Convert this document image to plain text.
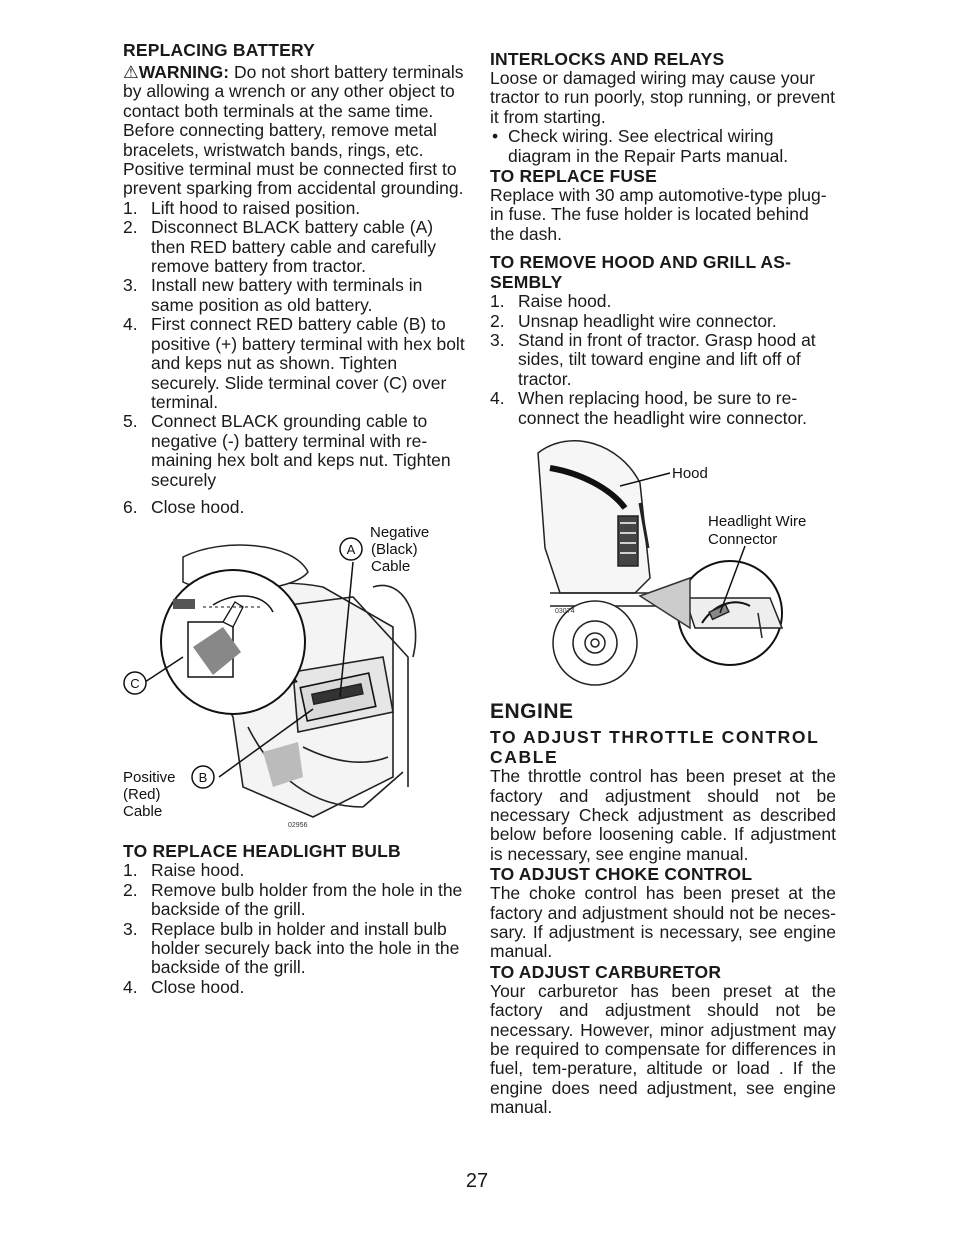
REPLACING BATTERY

⚠WARNING: Do not short battery terminals by allowing a wrench or any other object to contact both terminals at the same time. Before connecting battery, remove metal bracelets, wristwatch bands, rings, etc.

Positive terminal must be connected first to prevent sparking from accidental grounding.

1. Lift hood to raised position.
2. Disconnect BLACK battery cable (A) then RED battery cable and carefully remove battery from tractor.
3. Install new battery with terminals in same position as old battery.
4. First connect RED battery cable (B) to positive (+) battery terminal with hex bolt and keps nut as shown. Tighten securely. Slide terminal cover (C) over terminal.
5. Connect BLACK grounding cable to negative (-) battery terminal with re-maining hex bolt and keps nut. Tighten securely
6. Close hood.
A
Negative
(Black)
Cable
B
Positive
(Red)
Cable
C
02956
TO REPLACE HEADLIGHT BULB
1. Raise hood.
2. Remove bulb holder from the hole in the backside of the grill.
3. Replace bulb in holder and install bulb holder securely back into the hole in the backside of the grill.
4. Close hood.
INTERLOCKS AND RELAYS

Loose or damaged wiring may cause your tractor to run poorly, stop running, or prevent it from starting.

• Check wiring. See electrical wiring diagram in the Repair Parts manual.

TO REPLACE FUSE

Replace with 30 amp automotive-type plug-in fuse. The fuse holder is located behind the dash.

TO REMOVE HOOD AND GRILL AS-SEMBLY
1. Raise hood.
2. Unsnap headlight wire connector.
3. Stand in front of tractor. Grasp hood at sides, tilt toward engine and lift off of tractor.
4. When replacing hood, be sure to re-connect the headlight wire connector.
Hood
Headlight Wire
Connector
03074
ENGINE
TO ADJUST THROTTLE CONTROL CABLE

The throttle control has been preset at the factory and adjustment should not be necessary Check adjustment as described below before loosening cable. If adjustment is necessary, see engine manual.

TO ADJUST CHOKE CONTROL

The choke control has been preset at the factory and adjustment should not be neces-sary. If adjustment is necessary, see engine manual.

TO ADJUST CARBURETOR

Your carburetor has been preset at the factory and adjustment should not be necessary. However, minor adjustment may be required to compensate for differences in fuel, tem-perature, altitude or load . If the engine does need adjustment, see engine manual.

27
